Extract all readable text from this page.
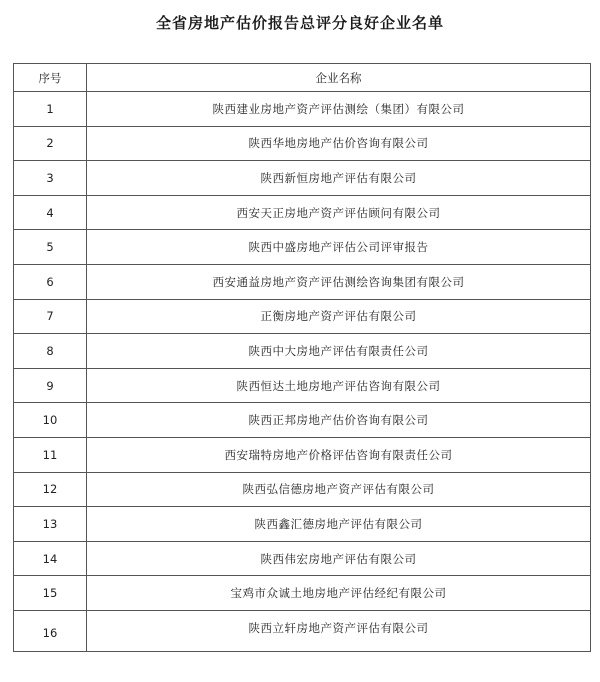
全省房地产估价报告总评分良好企业名单
序号	企业名称
1	陕西建业房地产资产评估测绘（集团）有限公司
2	陕西华地房地产估价咨询有限公司
3	陕西新恒房地产评估有限公司
4	西安天正房地产资产评估顾问有限公司
5	陕西中盛房地产评估公司评审报告
6	西安通益房地产资产评估测绘咨询集团有限公司
7	正衡房地产资产评估有限公司
8	陕西中大房地产评估有限责任公司
9	陕西恒达土地房地产评估咨询有限公司
10	陕西正邦房地产估价咨询有限公司
11	西安瑞特房地产价格评估咨询有限责任公司
12	陕西弘信德房地产资产评估有限公司
13	陕西鑫汇德房地产评估有限公司
14	陕西伟宏房地产评估有限公司
15	宝鸡市众诚土地房地产评估经纪有限公司
16	陕西立轩房地产资产评估有限公司
